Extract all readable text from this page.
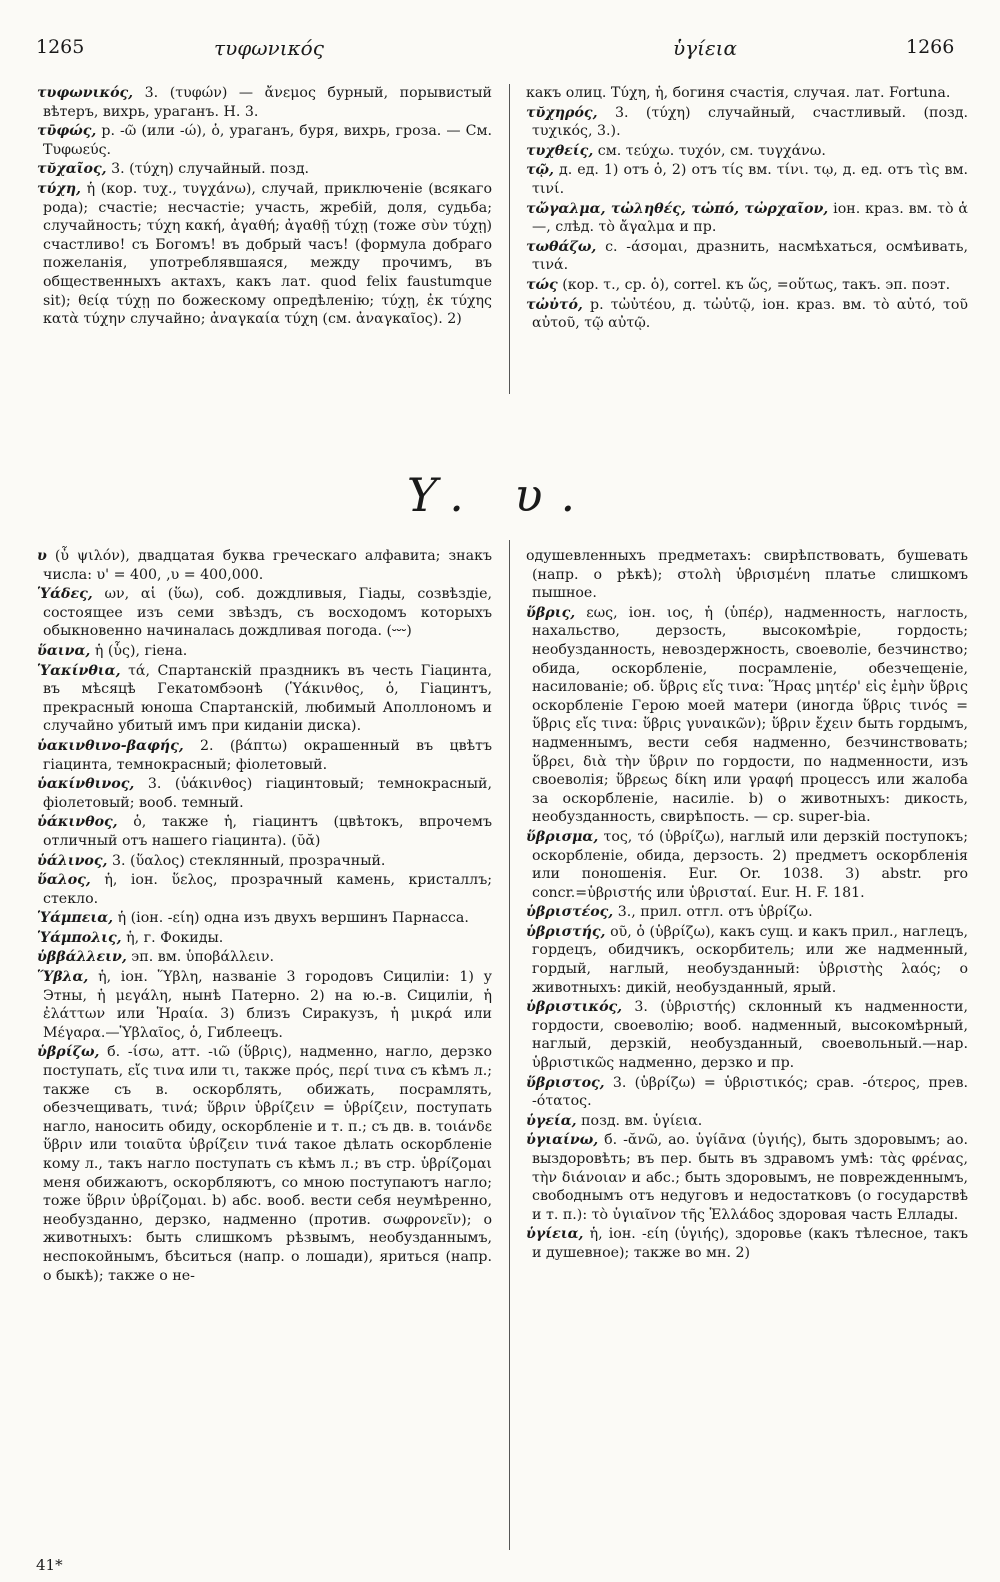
1265	τυφωνικός	ὑγίεια	1266

τυφωνικός, 3. (τυφών) — ἄνεμος бурный, порывистый вѣтеръ, вихрь, ураганъ. Н. 3.

τῡφώς, р. -ῶ (или -ώ), ὁ, ураганъ, буря, вихрь, гроза. — См. Τυφωεύς.

τῠχαῖος, 3. (τύχη) случайный. позд.

τύχη, ἡ (кор. τυχ., τυγχάνω), случай, приключеніе (всякаго рода); счастіе; несчастіе; участь, жребій, доля, судьба; случайность; τύχη κακή, ἀγαθή; ἀγαθῇ τύχῃ (тоже σὺν τύχῃ) счастливо! съ Богомъ! въ добрый часъ! (формула добраго пожеланія, употреблявшаяся, между прочимъ, въ общественныхъ актахъ, какъ лат. quod felix faustumque sit); θείᾳ τύχῃ по божескому опредѣленію; τύχῃ, ἐκ τύχης κατὰ τύχην случайно; ἀναγκαία τύχη (см. ἀναγκαῖος). 2)

какъ олиц. Τύχη, ἡ, богиня счастія, случая. лат. Fortuna.

τῠχηρός, 3. (τύχη) случайный, счастливый. (позд. τυχικός, 3.).

τυχθείς, см. τεύχω. τυχόν, см. τυγχάνω.

τῷ, д. ед. 1) отъ ὁ, 2) отъ τίς вм. τίνι. τῳ, д. ед. отъ τὶς вм. τινί.

τὤγαλμα, τὠληθές, τὠπό, τὠρχαῖον, іон. краз. вм. τὸ ἁ—, слѣд. τὸ ἄγαλμα и пр.

τωθάζω, с. -άσομαι, дразнить, насмѣхаться, осмѣивать, τινά.

τώς (кор. τ., ср. ὁ), correl. къ ὥς, =οὕτως, такъ. эп. поэт.

τὠὐτό, р. τὠὐτέου, д. τὠὐτῷ, іон. краз. вм. τὸ αὐτό, τοῦ αὐτοῦ, τῷ αὐτῷ.

Y. υ.

υ (ὖ ψιλόν), двадцатая буква греческаго алфавита; знакъ числа: υ' = 400, ,υ = 400,000.

Ὑάδες, ων, αἱ (ὕω), соб. дождливыя, Гіады, созвѣздіе, состоящее изъ семи звѣздъ, съ восходомъ которыхъ обыкновенно начиналась дождливая погода. (⏑⏑⏑)

ὕαινα, ἡ (ὗς), гіена.

Ὑακίνθια, τά, Спартанскій праздникъ въ честь Гіацинта, въ мѣсяцѣ Гекатомбэонѣ (Ὑάκινθος, ὁ, Гіацинтъ, прекрасный юноша Спартанскій, любимый Аполлономъ и случайно убитый имъ при киданіи диска).

ὑακινθινο-βαφής, 2. (βάπτω) окрашенный въ цвѣтъ гіацинта, темнокрасный; фіолетовый.

ὑακίνθινος, 3. (ὑάκινθος) гіацинтовый; темнокрасный, фіолетовый; вооб. темный.

ὑάκινθος, ὁ, также ἡ, гіацинтъ (цвѣтокъ, впрочемъ отличный отъ нашего гіацинта). (ῠᾰ)

ὑάλινος, 3. (ὕαλος) стеклянный, прозрачный.

ὕαλος, ἡ, іон. ὕελος, прозрачный камень, кристаллъ; стекло.

Ὑάμπεια, ἡ (іон. -είη) одна изъ двухъ вершинъ Парнасса.

Ὑάμπολις, ἡ, г. Фокиды.

ὑββάλλειν, эп. вм. ὑποβάλλειν.

Ὕβλα, ἡ, іон. Ὕβλη, названіе 3 городовъ Сициліи: 1) у Этны, ἡ μεγάλη, нынѣ Патерно. 2) на ю.-в. Сициліи, ἡ ἐλάττων или Ἡραία. 3) близъ Сиракузъ, ἡ μικρά или Μέγαρα.—Ὑβλαῖος, ὁ, Гиблеецъ.

ὑβρίζω, б. -ίσω, атт. -ιῶ (ὕβρις), надменно, нагло, дерзко поступать, εἴς τινα или τι, также πρός, περί τινα съ кѣмъ л.; также съ в. оскорблять, обижать, посрамлять, обезчещивать, τινά; ὕβριν ὑβρίζειν = ὑβρίζειν, поступать нагло, наносить обиду, оскорбленіе и т. п.; съ дв. в. τοιάνδε ὕβριν или τοιαῦτα ὑβρίζειν τινά такое дѣлать оскорбленіе кому л., такъ нагло поступать съ кѣмъ л.; въ стр. ὑβρίζομαι меня обижаютъ, оскорбляютъ, со мною поступаютъ нагло; тоже ὕβριν ὑβρίζομαι. b) абс. вооб. вести себя неумѣренно, необузданно, дерзко, надменно (против. σωφρονεῖν); о животныхъ: быть слишкомъ рѣзвымъ, необузданнымъ, неспокойнымъ, бѣситься (напр. о лошади), яриться (напр. о быкѣ); также о не-

одушевленныхъ предметахъ: свирѣпствовать, бушевать (напр. о рѣкѣ); στολὴ ὑβρισμένη платье слишкомъ пышное.

ὕβρις, εως, іон. ιος, ἡ (ὑπέρ), надменность, наглость, нахальство, дерзость, высокомѣріе, гордость; необузданность, невоздержность, своеволіе, безчинство; обида, оскорбленіе, посрамленіе, обезчещеніе, насилованіе; об. ὕβρις εἴς τινα: Ἥρας μητέρ' εἰς ἐμὴν ὕβρις оскорбленіе Герою моей матери (иногда ὕβρις τινός = ὕβρις εἴς τινα: ὕβρις γυναικῶν); ὕβριν ἔχειν быть гордымъ, надменнымъ, вести себя надменно, безчинствовать; ὕβρει, διὰ τὴν ὕβριν по гордости, по надменности, изъ своеволія; ὕβρεως δίκη или γραφή процессъ или жалоба за оскорбленіе, насиліе. b) о животныхъ: дикость, необузданность, свирѣпость. — ср. super-bia.

ὕβρισμα, τος, τό (ὑβρίζω), наглый или дерзкій поступокъ; оскорбленіе, обида, дерзость. 2) предметъ оскорбленія или поношенія. Eur. Or. 1038. 3) abstr. pro concr.=ὑβριστής или ὑβρισταί. Eur. H. F. 181.

ὑβριστέος, 3., прил. отгл. отъ ὑβρίζω.

ὑβριστής, οῦ, ὁ (ὑβρίζω), какъ сущ. и какъ прил., наглецъ, гордецъ, обидчикъ, оскорбитель; или же надменный, гордый, наглый, необузданный: ὑβριστὴς λαός; о животныхъ: дикій, необузданный, ярый.

ὑβριστικός, 3. (ὑβριστής) склонный къ надменности, гордости, своеволію; вооб. надменный, высокомѣрный, наглый, дерзкій, необузданный, своевольный.—нар. ὑβριστικῶς надменно, дерзко и пр.

ὕβριστος, 3. (ὑβρίζω) = ὑβριστικός; срав. -ότερος, прев. -ότατος.

ὑγεία, позд. вм. ὑγίεια.

ὑγιαίνω, б. -ᾰνῶ, ао. ὑγίᾱνα (ὑγιής), быть здоровымъ; ао. выздоровѣть; въ пер. быть въ здравомъ умѣ: τὰς φρένας, τὴν διάνοιαν и абс.; быть здоровымъ, не поврежденнымъ, свободнымъ отъ недуговъ и недостатковъ (о государствѣ и т. п.): τὸ ὑγιαῖνον τῆς Ἑλλάδος здоровая часть Еллады.

ὑγίεια, ἡ, іон. -είη (ὑγιής), здоровье (какъ тѣлесное, такъ и душевное); также во мн. 2)

41*
